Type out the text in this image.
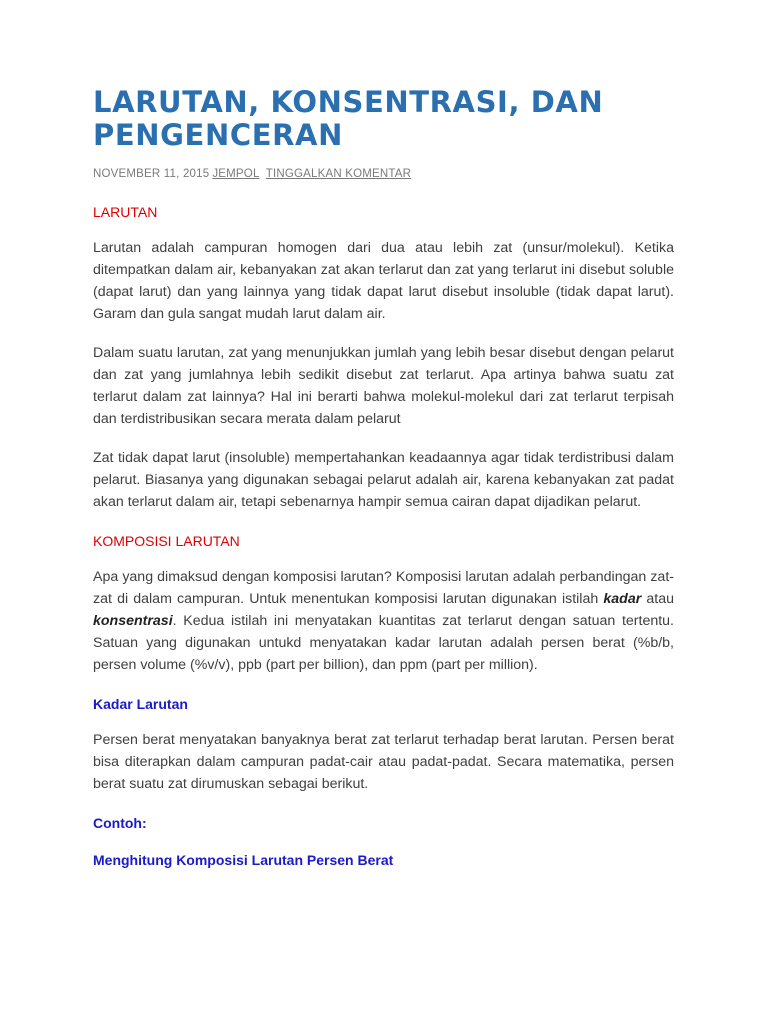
LARUTAN, KONSENTRASI, DAN PENGENCERAN
NOVEMBER 11, 2015 JEMPOL TINGGALKAN KOMENTAR
LARUTAN

Larutan adalah campuran homogen dari dua atau lebih zat (unsur/molekul). Ketika ditempatkan dalam air, kebanyakan zat akan terlarut dan zat yang terlarut ini disebut soluble (dapat larut) dan yang lainnya yang tidak dapat larut disebut insoluble (tidak dapat larut). Garam dan gula sangat mudah larut dalam air.

Dalam suatu larutan, zat yang menunjukkan jumlah yang lebih besar disebut dengan pelarut dan zat yang jumlahnya lebih sedikit disebut zat terlarut. Apa artinya bahwa suatu zat terlarut dalam zat lainnya? Hal ini berarti bahwa molekul-molekul dari zat terlarut terpisah dan terdistribusikan secara merata dalam pelarut

Zat tidak dapat larut (insoluble) mempertahankan keadaannya agar tidak terdistribusi dalam pelarut. Biasanya yang digunakan sebagai pelarut adalah air, karena kebanyakan zat padat akan terlarut dalam air, tetapi sebenarnya hampir semua cairan dapat dijadikan pelarut.

KOMPOSISI LARUTAN

Apa yang dimaksud dengan komposisi larutan? Komposisi larutan adalah perbandingan zat-zat di dalam campuran. Untuk menentukan komposisi larutan digunakan istilah kadar atau konsentrasi. Kedua istilah ini menyatakan kuantitas zat terlarut dengan satuan tertentu. Satuan yang digunakan untukd menyatakan kadar larutan adalah persen berat (%b/b, persen volume (%v/v), ppb (part per billion), dan ppm (part per million).

Kadar Larutan

Persen berat menyatakan banyaknya berat zat terlarut terhadap berat larutan. Persen berat bisa diterapkan dalam campuran padat-cair atau padat-padat. Secara matematika, persen berat suatu zat dirumuskan sebagai berikut.

Contoh:
Menghitung Komposisi Larutan Persen Berat
